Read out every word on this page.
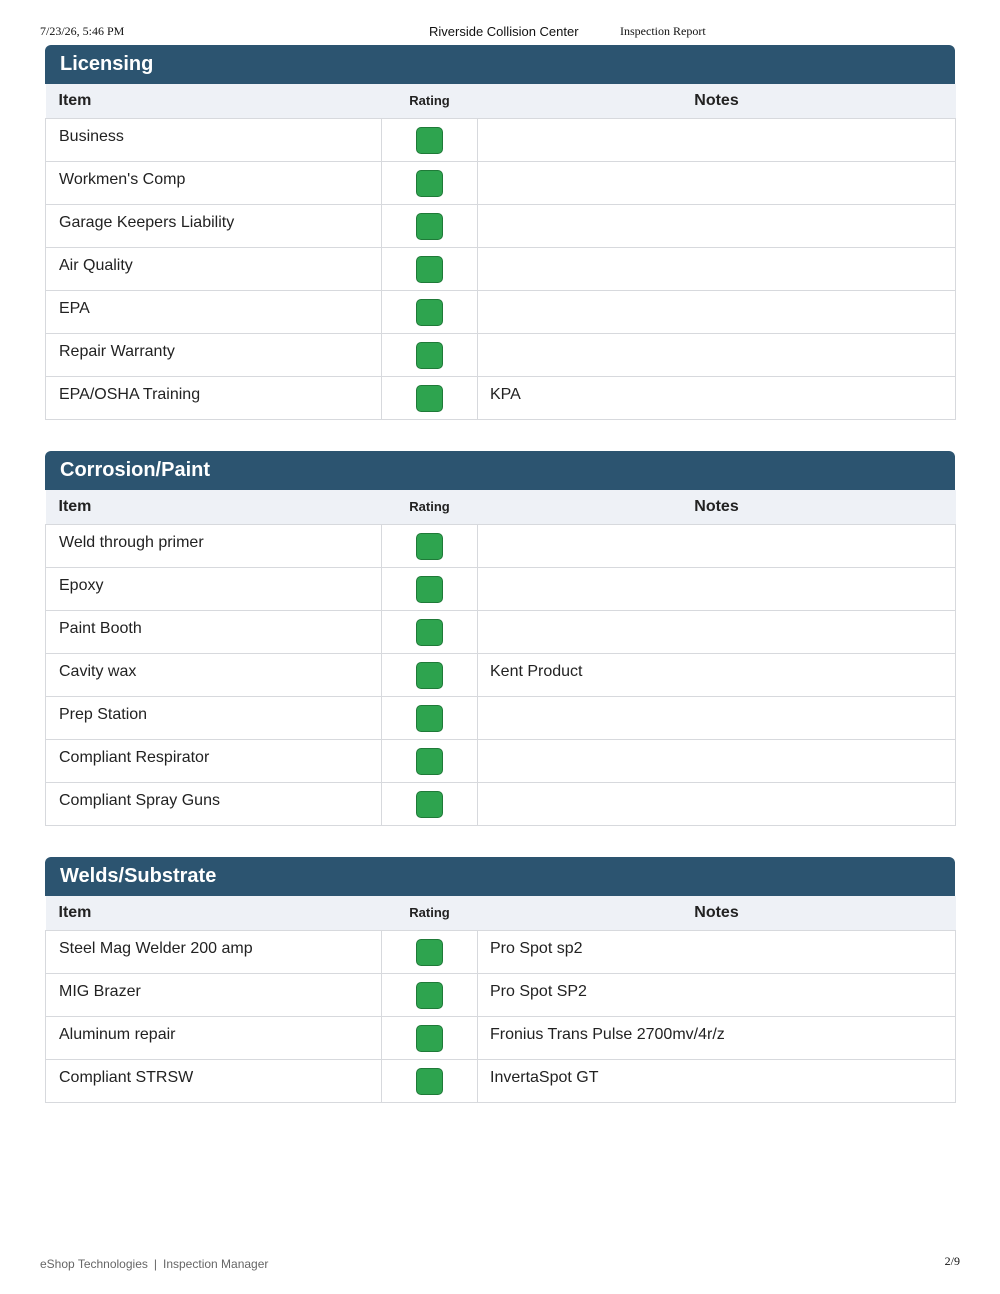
7/23/26, 5:46 PM	Riverside Collision Center	Inspection Report
Licensing
Item	Rating	Notes
Business		
Workmen's Comp		
Garage Keepers Liability		
Air Quality		
EPA		
Repair Warranty		
EPA/OSHA Training		KPA
Corrosion/Paint
Item	Rating	Notes
Weld through primer		
Epoxy		
Paint Booth		
Cavity wax		Kent Product
Prep Station		
Compliant Respirator		
Compliant Spray Guns		
Welds/Substrate
Item	Rating	Notes
Steel Mag Welder 200 amp		Pro Spot sp2
MIG Brazer		Pro Spot SP2
Aluminum repair		Fronius Trans Pulse 2700mv/4r/z
Compliant STRSW		InvertaSpot GT
eShop Technologies | Inspection Manager	2/9
